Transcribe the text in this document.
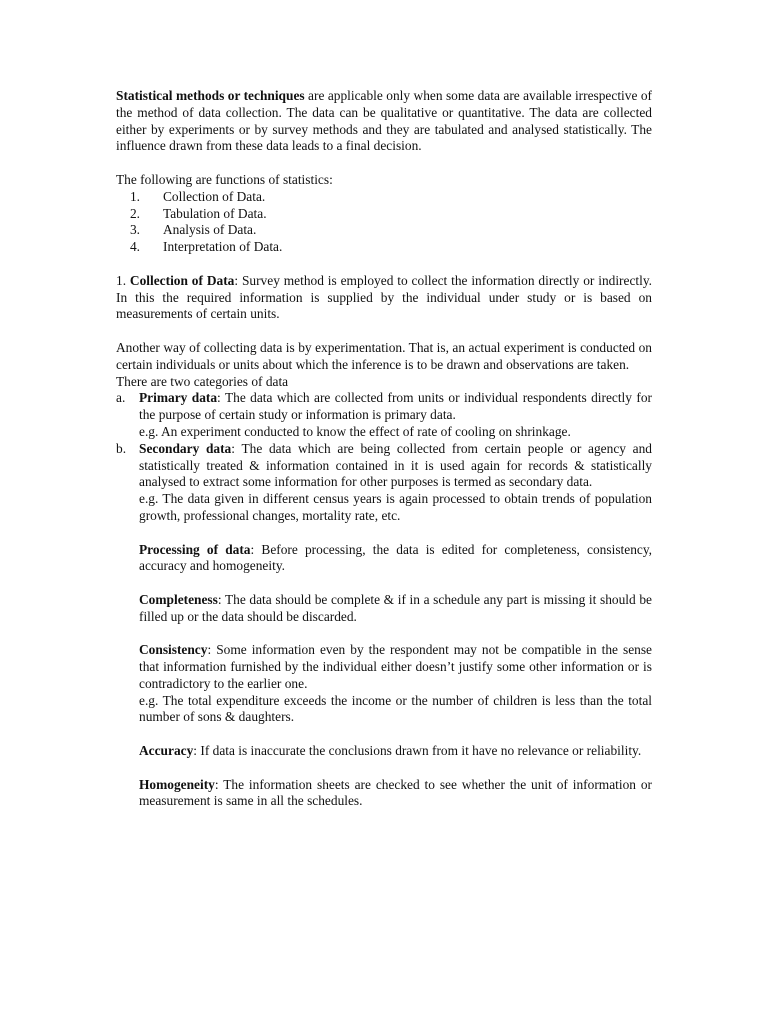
Statistical methods or techniques are applicable only when some data are available irrespective of the method of data collection. The data can be qualitative or quantitative. The data are collected either by experiments or by survey methods and they are tabulated and analysed statistically. The influence drawn from these data leads to a final decision.

The following are functions of statistics:

1. Collection of Data.
2. Tabulation of Data.
3. Analysis of Data.
4. Interpretation of Data.

1. Collection of Data: Survey method is employed to collect the information directly or indirectly. In this the required information is supplied by the individual under study or is based on measurements of certain units.

Another way of collecting data is by experimentation. That is, an actual experiment is conducted on certain individuals or units about which the inference is to be drawn and observations are taken.

There are two categories of data

a. Primary data: The data which are collected from units or individual respondents directly for the purpose of certain study or information is primary data.

e.g. An experiment conducted to know the effect of rate of cooling on shrinkage.

b. Secondary data: The data which are being collected from certain people or agency and statistically treated & information contained in it is used again for records & statistically analysed to extract some information for other purposes is termed as secondary data.

e.g. The data given in different census years is again processed to obtain trends of population growth, professional changes, mortality rate, etc.

Processing of data: Before processing, the data is edited for completeness, consistency, accuracy and homogeneity.

Completeness: The data should be complete & if in a schedule any part is missing it should be filled up or the data should be discarded.

Consistency: Some information even by the respondent may not be compatible in the sense that information furnished by the individual either doesn’t justify some other information or is contradictory to the earlier one.

e.g. The total expenditure exceeds the income or the number of children is less than the total number of sons & daughters.

Accuracy: If data is inaccurate the conclusions drawn from it have no relevance or reliability.

Homogeneity: The information sheets are checked to see whether the unit of information or measurement is same in all the schedules.
